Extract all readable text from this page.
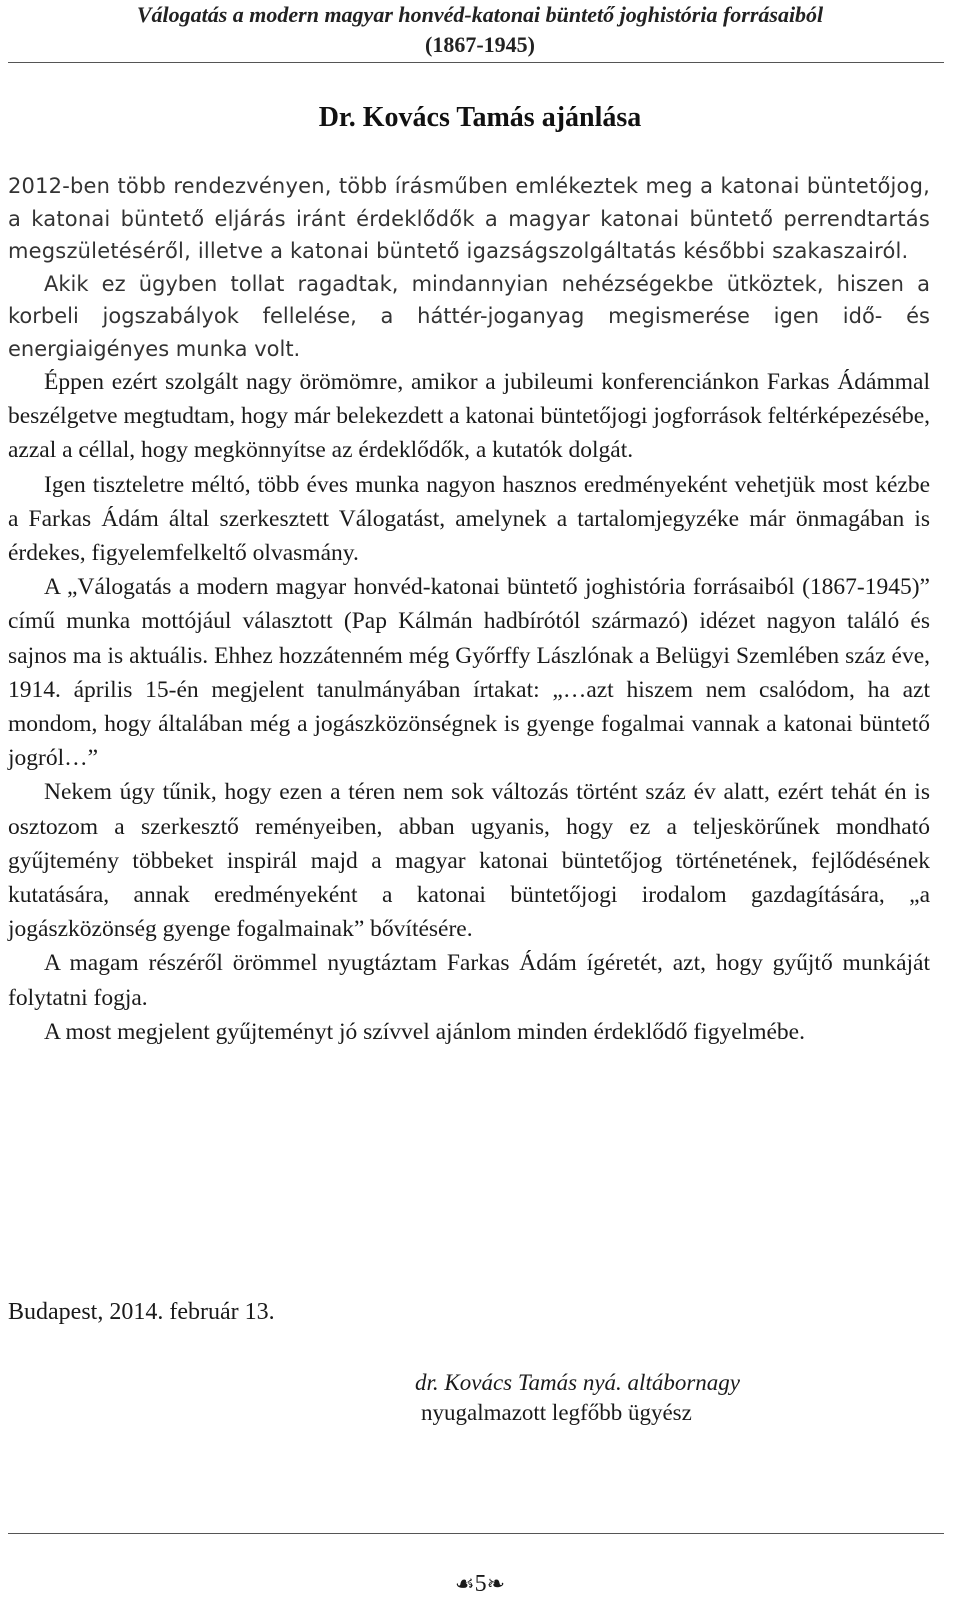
Válogatás a modern magyar honvéd-katonai büntető joghistória forrásaiból
(1867-1945)
Dr. Kovács Tamás ajánlása

2012-ben több rendezvényen, több írásműben emlékeztek meg a katonai büntetőjog, a katonai büntető eljárás iránt érdeklődők a magyar katonai büntető perrendtartás megszületéséről, illetve a katonai büntető igazságszolgáltatás későbbi szakaszairól.

Akik ez ügyben tollat ragadtak, mindannyian nehézségekbe ütköztek, hiszen a korbeli jogszabályok fellelése, a háttér-joganyag megismerése igen idő- és energiaigényes munka volt.

Éppen ezért szolgált nagy örömömre, amikor a jubileumi konferenciánkon Farkas Ádámmal beszélgetve megtudtam, hogy már belekezdett a katonai büntetőjogi jogforrások feltérképezésébe, azzal a céllal, hogy megkönnyítse az érdeklődők, a kutatók dolgát.

Igen tiszteletre méltó, több éves munka nagyon hasznos eredményeként vehetjük most kézbe a Farkas Ádám által szerkesztett Válogatást, amelynek a tartalomjegyzéke már önmagában is érdekes, figyelemfelkeltő olvasmány.

A „Válogatás a modern magyar honvéd-katonai büntető joghistória forrásaiból (1867-1945)” című munka mottójául választott (Pap Kálmán hadbírótól származó) idézet nagyon találó és sajnos ma is aktuális. Ehhez hozzátenném még Győrffy Lászlónak a Belügyi Szemlében száz éve, 1914. április 15-én megjelent tanulmányában írtakat: „…azt hiszem nem csalódom, ha azt mondom, hogy általában még a jogászközönségnek is gyenge fogalmai vannak a katonai büntető jogról…”

Nekem úgy tűnik, hogy ezen a téren nem sok változás történt száz év alatt, ezért tehát én is osztozom a szerkesztő reményeiben, abban ugyanis, hogy ez a teljeskörűnek mondható gyűjtemény többeket inspirál majd a magyar katonai büntetőjog történetének, fejlődésének kutatására, annak eredményeként a katonai büntetőjogi irodalom gazdagítására, „a jogászközönség gyenge fogalmainak” bővítésére.

A magam részéről örömmel nyugtáztam Farkas Ádám ígéretét, azt, hogy gyűjtő munkáját folytatni fogja.

A most megjelent gyűjteményt jó szívvel ajánlom minden érdeklődő figyelmébe.

Budapest, 2014. február 13.
dr. Kovács Tamás nyá. altábornagy
nyugalmazott legfőbb ügyész
☙5❧
